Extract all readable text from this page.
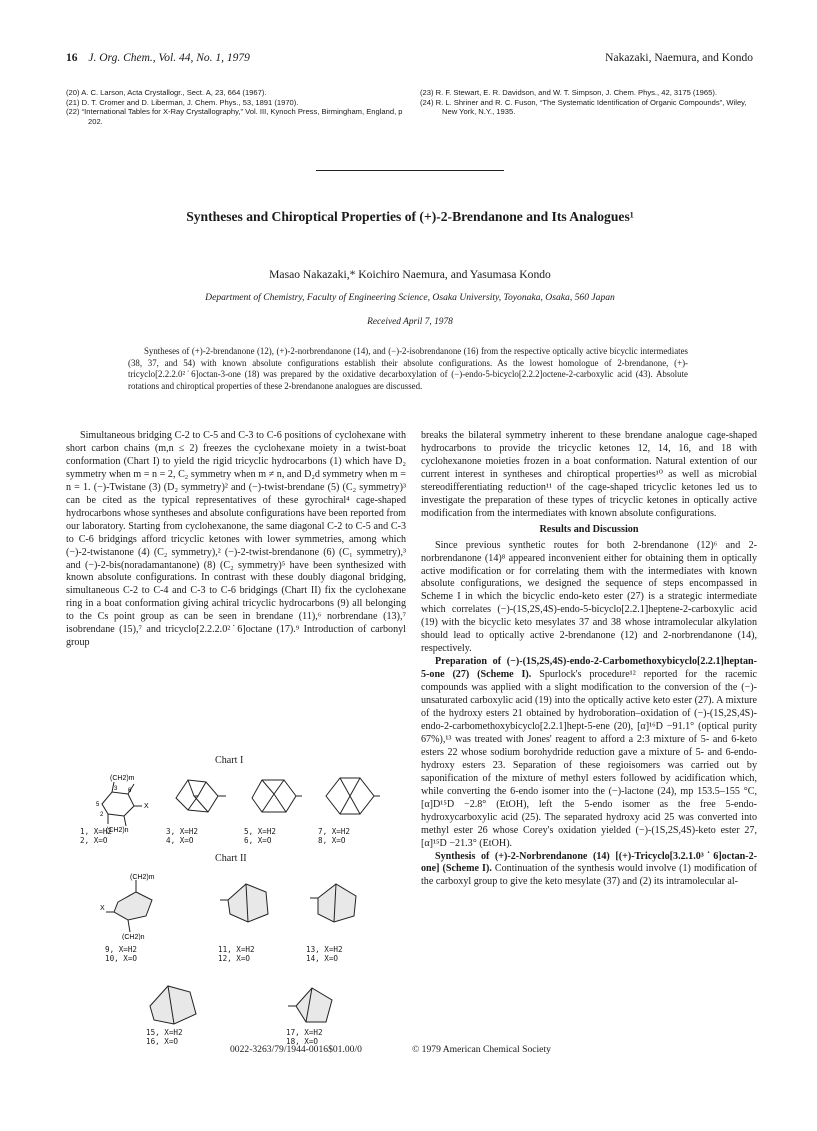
16 J. Org. Chem., Vol. 44, No. 1, 1979	Nakazaki, Naemura, and Kondo
(20) A. C. Larson, Acta Crystallogr., Sect. A, 23, 664 (1967).
(21) D. T. Cromer and D. Liberman, J. Chem. Phys., 53, 1891 (1970).
(22) “International Tables for X-Ray Crystallography,” Vol. III, Kynoch Press, Birmingham, England, p 202.
(23) R. F. Stewart, E. R. Davidson, and W. T. Simpson, J. Chem. Phys., 42, 3175 (1965).
(24) R. L. Shriner and R. C. Fuson, “The Systematic Identification of Organic Compounds”, Wiley, New York, N.Y., 1935.
Syntheses and Chiroptical Properties of (+)-2-Brendanone and Its Analogues¹
Masao Nakazaki,* Koichiro Naemura, and Yasumasa Kondo
Department of Chemistry, Faculty of Engineering Science, Osaka University, Toyonaka, Osaka, 560 Japan
Received April 7, 1978
Syntheses of (+)-2-brendanone (12), (+)-2-norbrendanone (14), and (−)-2-isobrendanone (16) from the respective optically active bicyclic intermediates (38, 37, and 54) with known absolute configurations establish their absolute configurations. As the lowest homologue of 2-brendanone, (+)-tricyclo[2.2.2.0²˙6]octan-3-one (18) was prepared by the oxidative decarboxylation of (−)-endo-5-bicyclo[2.2.2]octene-2-carboxylic acid (43). Absolute rotations and chiroptical properties of these 2-brendanone analogues are discussed.

Simultaneous bridging C-2 to C-5 and C-3 to C-6 positions of cyclohexane with short carbon chains (m,n ≤ 2) freezes the cyclohexane moiety in a twist-boat conformation (Chart I) to yield the rigid tricyclic hydrocarbons (1) which have D₂ symmetry when m = n = 2, C₂ symmetry when m ≠ n, and D₂d symmetry when m = n = 1. (−)-Twistane (3) (D₂ symmetry)² and (−)-twist-brendane (5) (C₂ symmetry)³ can be cited as the typical representatives of these gyrochiral⁴ cage-shaped hydrocarbons whose syntheses and absolute configurations have been reported from our laboratory. Starting from cyclohexanone, the same diagonal C-2 to C-5 and C-3 to C-6 bridgings afford tricyclic ketones with lower symmetries, among which (−)-2-twistanone (4) (C₂ symmetry),² (−)-2-twist-brendanone (6) (C₁ symmetry),³ and (−)-2-bis(noradamantanone) (8) (C₂ symmetry)⁵ have been synthesized with known absolute configurations. In contrast with these doubly diagonal bridging, simultaneous C-2 to C-4 and C-3 to C-6 bridgings (Chart II) fix the cyclohexane ring in a boat conformation giving achiral tricyclic hydrocarbons (9) all belonging to the Cs point group as can be seen in brendane (11),⁶ norbrendane (13),⁷ isobrendane (15),⁷ and tricyclo[2.2.2.0²˙6]octane (17).⁹ Introduction of carbonyl group

Chart I
(CH2)m
(CH2)n
X
3 6
5
2
1, X=H2
2, X=O
3, X=H2
4, X=O
5, X=H2
6, X=O
7, X=H2
8, X=O
Chart II
(CH2)m
(CH2)n
X
9, X=H2
10, X=O
11, X=H2
12, X=O
13, X=H2
14, X=O
15, X=H2
16, X=O
17, X=H2
18, X=O

breaks the bilateral symmetry inherent to these brendane analogue cage-shaped hydrocarbons to provide the tricyclic ketones 12, 14, 16, and 18 with cyclohexanone moieties frozen in a boat conformation. Natural extention of our current interest in syntheses and chiroptical properties¹⁰ as well as microbial stereodifferentiating reduction¹¹ of the cage-shaped tricyclic ketones led us to investigate the preparation of these types of tricyclic ketones in optically active modification from the intermediates with known absolute configurations.

Results and Discussion

Since previous synthetic routes for both 2-brendanone (12)⁶ and 2-norbrendanone (14)⁸ appeared inconvenient either for obtaining them in optically active modification or for correlating them with the intermediates with known absolute configurations, we designed the sequence of steps encompassed in Scheme I in which the bicyclic endo-keto ester (27) is a strategic intermediate which correlates (−)-(1S,2S,4S)-endo-5-bicyclo[2.2.1]heptene-2-carboxylic acid (19) with the bicyclic keto mesylates 37 and 38 whose intramolecular alkylation should lead to optically active 2-brendanone (12) and 2-norbrendanone (14), respectively.

Preparation of (−)-(1S,2S,4S)-endo-2-Carbomethoxybicyclo[2.2.1]heptan-5-one (27) (Scheme I). Spurlock's procedure¹² reported for the racemic compounds was applied with a slight modification to the conversion of the (−)-unsaturated carboxylic acid (19) into the optically active keto ester (27). A mixture of the hydroxy esters 21 obtained by hydroboration–oxidation of (−)-(1S,2S,4S)-endo-2-carbomethoxybicyclo[2.2.1]hept-5-ene (20), [α]¹⁶D −91.1° (optical purity 67%),¹³ was treated with Jones' reagent to afford a 2:3 mixture of 5- and 6-keto esters 22 whose sodium borohydride reduction gave a mixture of 5- and 6-endo-hydroxy esters 23. Separation of these regioisomers was carried out by saponification of the mixture of methyl esters followed by acidification which, while converting the 6-endo isomer into the (−)-lactone (24), mp 153.5–155 °C, [α]D¹⁵D −2.8° (EtOH), left the 5-endo isomer as the free 5-endo-hydroxycarboxylic acid (25). The separated hydroxy acid 25 was converted into methyl ester 26 whose Corey's oxidation yielded (−)-(1S,2S,4S)-keto ester 27, [α]¹⁵D −21.3° (EtOH).

Synthesis of (+)-2-Norbrendanone (14) [(+)-Tricyclo[3.2.1.0³˙6]octan-2-one] (Scheme I). Continuation of the synthesis would involve (1) modification of the carboxyl group to give the keto mesylate (37) and (2) its intramolecular al-

0022-3263/79/1944-0016$01.00/0	© 1979 American Chemical Society
